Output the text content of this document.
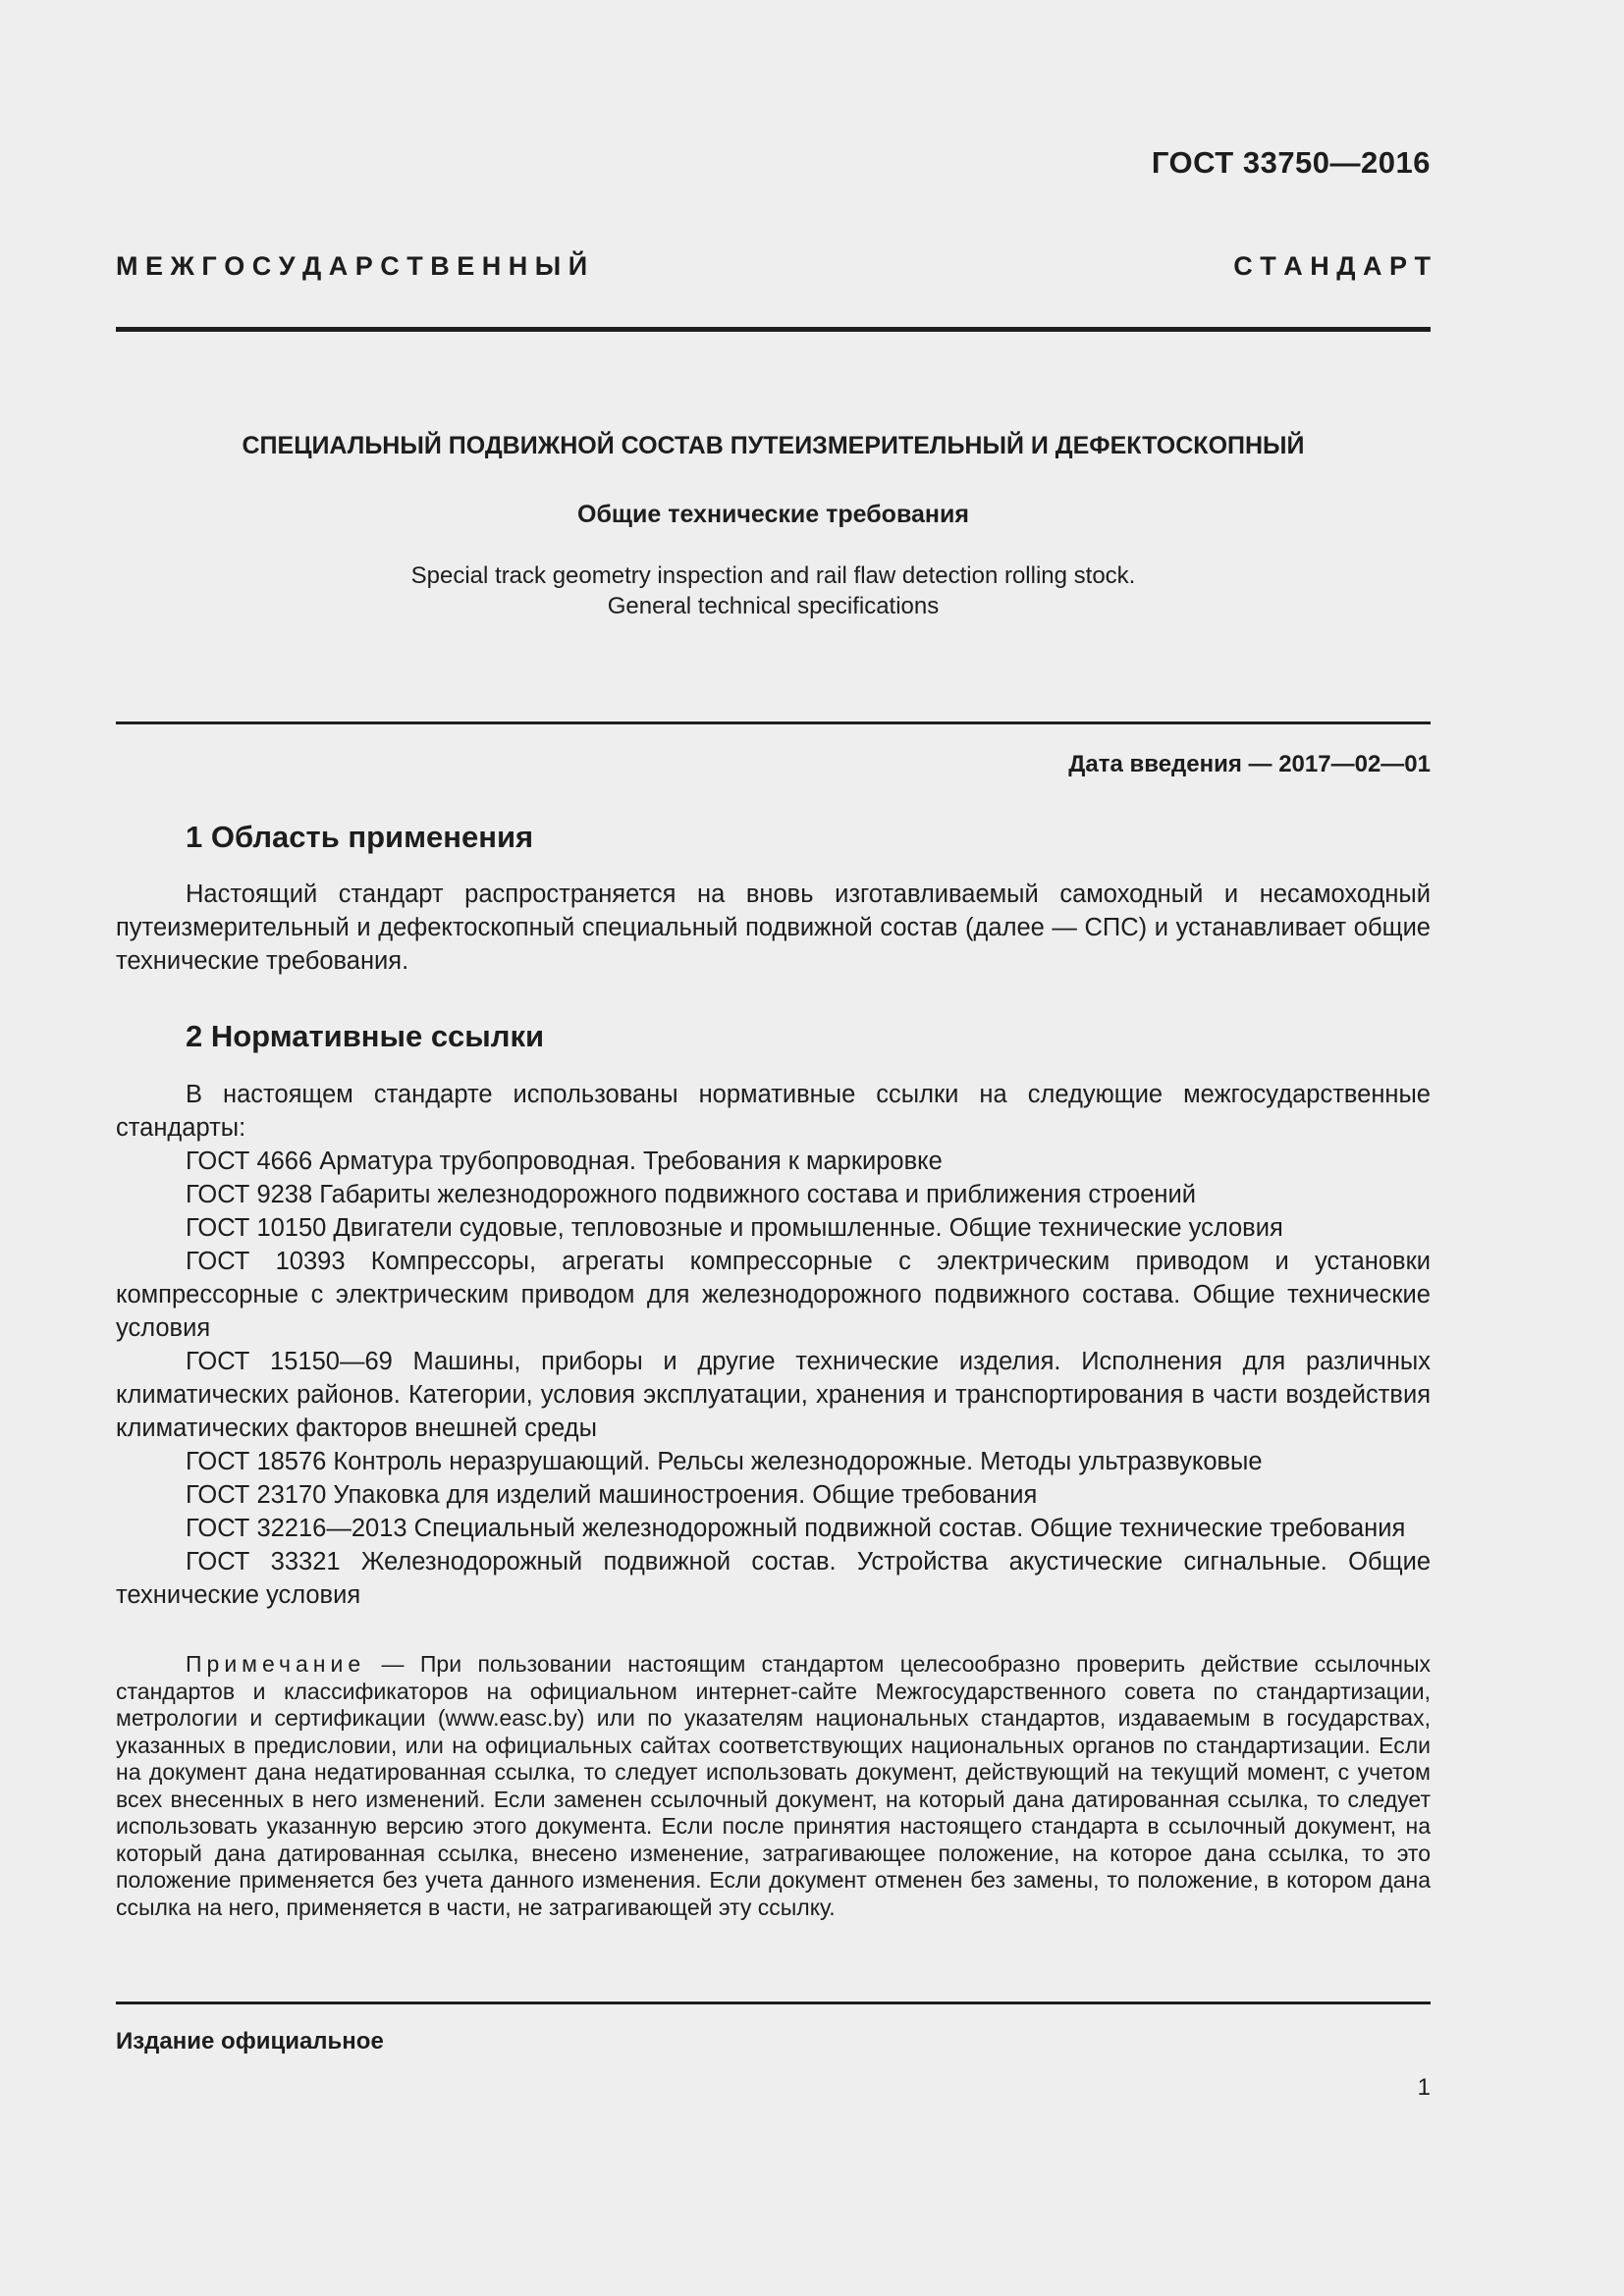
ГОСТ 33750—2016
М Е Ж Г О С У Д А Р С Т В Е Н Н Ы Й	С Т А Н Д А Р Т
СПЕЦИАЛЬНЫЙ ПОДВИЖНОЙ СОСТАВ ПУТЕИЗМЕРИТЕЛЬНЫЙ И ДЕФЕКТОСКОПНЫЙ
Общие технические требования
Special track geometry inspection and rail flaw detection rolling stock.
General technical specifications
Дата введения — 2017—02—01
1 Область применения

Настоящий стандарт распространяется на вновь изготавливаемый самоходный и несамоходный путеизмерительный и дефектоскопный специальный подвижной состав (далее — СПС) и устанавливает общие технические требования.

2 Нормативные ссылки

В настоящем стандарте использованы нормативные ссылки на следующие межгосударственные стандарты:

ГОСТ 4666 Арматура трубопроводная. Требования к маркировке

ГОСТ 9238 Габариты железнодорожного подвижного состава и приближения строений

ГОСТ 10150 Двигатели судовые, тепловозные и промышленные. Общие технические условия

ГОСТ 10393 Компрессоры, агрегаты компрессорные с электрическим приводом и установки компрессорные с электрическим приводом для железнодорожного подвижного состава. Общие технические условия

ГОСТ 15150—69 Машины, приборы и другие технические изделия. Исполнения для различных климатических районов. Категории, условия эксплуатации, хранения и транспортирования в части воздействия климатических факторов внешней среды

ГОСТ 18576 Контроль неразрушающий. Рельсы железнодорожные. Методы ультразвуковые

ГОСТ 23170 Упаковка для изделий машиностроения. Общие требования

ГОСТ 32216—2013 Специальный железнодорожный подвижной состав. Общие технические требования

ГОСТ 33321 Железнодорожный подвижной состав. Устройства акустические сигнальные. Общие технические условия

Примечание — При пользовании настоящим стандартом целесообразно проверить действие ссылочных стандартов и классификаторов на официальном интернет-сайте Межгосударственного совета по стандартизации, метрологии и сертификации (www.easc.by) или по указателям национальных стандартов, издаваемым в государствах, указанных в предисловии, или на официальных сайтах соответствующих национальных органов по стандартизации. Если на документ дана недатированная ссылка, то следует использовать документ, действующий на текущий момент, с учетом всех внесенных в него изменений. Если заменен ссылочный документ, на который дана датированная ссылка, то следует использовать указанную версию этого документа. Если после принятия настоящего стандарта в ссылочный документ, на который дана датированная ссылка, внесено изменение, затрагивающее положение, на которое дана ссылка, то это положение применяется без учета данного изменения. Если документ отменен без замены, то положение, в котором дана ссылка на него, применяется в части, не затрагивающей эту ссылку.

Издание официальное
1
